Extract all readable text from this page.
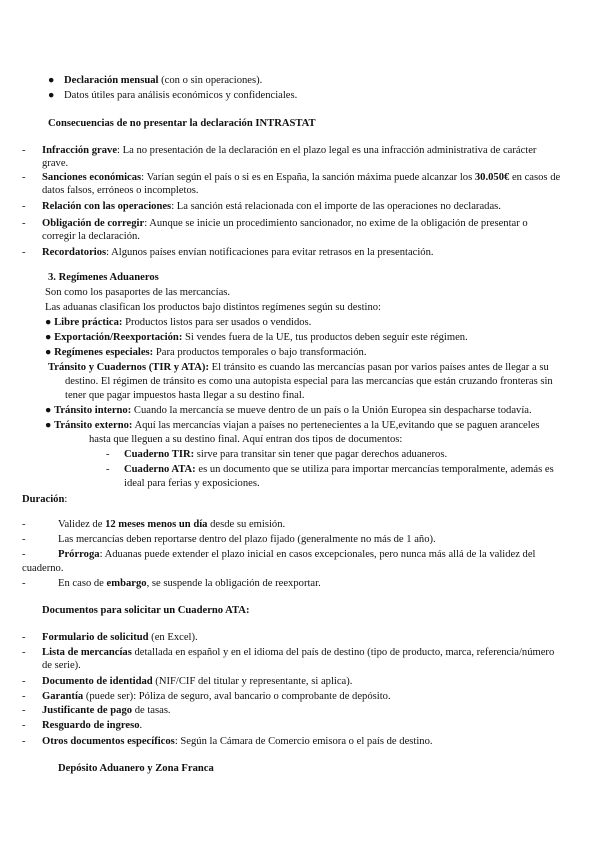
● Declaración mensual (con o sin operaciones).
● Datos útiles para análisis económicos y confidenciales.
Consecuencias de no presentar la declaración INTRASTAT
- Infracción grave: La no presentación de la declaración en el plazo legal es una infracción administrativa de carácter
grave.
- Sanciones económicas: Varían según el país o si es en España, la sanción máxima puede alcanzar los 30.050€ en casos de
datos falsos, erróneos o incompletos.
- Relación con las operaciones: La sanción está relacionada con el importe de las operaciones no declaradas.
- Obligación de corregir: Aunque se inicie un procedimiento sancionador, no exime de la obligación de presentar o
corregir la declaración.
- Recordatorios: Algunos países envían notificaciones para evitar retrasos en la presentación.
3. Regímenes Aduaneros
Son como los pasaportes de las mercancías.
Las aduanas clasifican los productos bajo distintos regímenes según su destino:
● Libre práctica: Productos listos para ser usados o vendidos.
● Exportación/Reexportación: Si vendes fuera de la UE, tus productos deben seguir este régimen.
● Regímenes especiales: Para productos temporales o bajo transformación.
Tránsito y Cuadernos (TIR y ATA): El tránsito es cuando las mercancías pasan por varios países antes de llegar a su
destino. El régimen de tránsito es como una autopista especial para las mercancías que están cruzando fronteras sin
tener que pagar impuestos hasta llegar a su destino final.
● Tránsito interno: Cuando la mercancía se mueve dentro de un país o la Unión Europea sin despacharse todavía.
● Tránsito externo: Aquí las mercancías viajan a países no pertenecientes a la UE,evitando que se paguen aranceles
hasta que lleguen a su destino final. Aquí entran dos tipos de documentos:
- Cuaderno TIR: sirve para transitar sin tener que pagar derechos aduaneros.
- Cuaderno ATA: es un documento que se utiliza para importar mercancías temporalmente, además es
ideal para ferias y exposiciones.
Duración:
-	Validez de 12 meses menos un día desde su emisión.
-	Las mercancías deben reportarse dentro del plazo fijado (generalmente no más de 1 año).
-	Prórroga: Aduanas puede extender el plazo inicial en casos excepcionales, pero nunca más allá de la validez del
cuaderno.
-	En caso de embargo, se suspende la obligación de reexportar.
Documentos para solicitar un Cuaderno ATA:
- Formulario de solicitud (en Excel).
- Lista de mercancías detallada en español y en el idioma del país de destino (tipo de producto, marca, referencia/número
de serie).
- Documento de identidad (NIF/CIF del titular y representante, si aplica).
- Garantía (puede ser): Póliza de seguro, aval bancario o comprobante de depósito.
- Justificante de pago de tasas.
- Resguardo de ingreso.
- Otros documentos específicos: Según la Cámara de Comercio emisora o el país de destino.
Depósito Aduanero y Zona Franca
